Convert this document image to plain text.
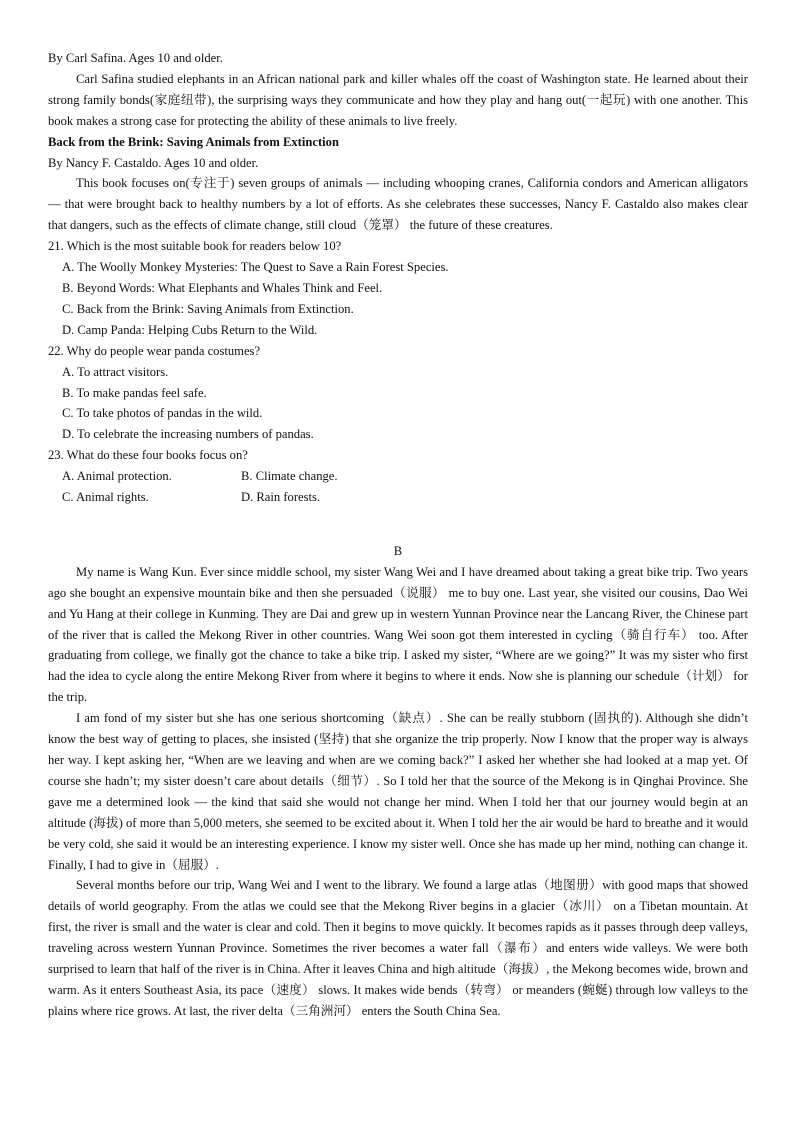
By Carl Safina. Ages 10 and older.

Carl Safina studied elephants in an African national park and killer whales off the coast of Washington state. He learned about their strong family bonds(家庭纽带), the surprising ways they communicate and how they play and hang out(一起玩) with one another. This book makes a strong case for protecting the ability of these animals to live freely.

Back from the Brink: Saving Animals from Extinction

By Nancy F. Castaldo. Ages 10 and older.

This book focuses on(专注于) seven groups of animals — including whooping cranes, California condors and American alligators — that were brought back to healthy numbers by a lot of efforts. As she celebrates these successes, Nancy F. Castaldo also makes clear that dangers, such as the effects of climate change, still cloud（笼罩） the future of these creatures.

21. Which is the most suitable book for readers below 10?

A. The Woolly Monkey Mysteries: The Quest to Save a Rain Forest Species.

B. Beyond Words: What Elephants and Whales Think and Feel.

C. Back from the Brink: Saving Animals from Extinction.

D. Camp Panda: Helping Cubs Return to the Wild.

22. Why do people wear panda costumes?

A. To attract visitors.

B. To make pandas feel safe.

C. To take photos of pandas in the wild.

D. To celebrate the increasing numbers of pandas.

23. What do these four books focus on?

A. Animal protection.	B. Climate change.
C. Animal rights.	D. Rain forests.

B

My name is Wang Kun. Ever since middle school, my sister Wang Wei and I have dreamed about taking a great bike trip. Two years ago she bought an expensive mountain bike and then she persuaded（说服） me to buy one. Last year, she visited our cousins, Dao Wei and Yu Hang at their college in Kunming. They are Dai and grew up in western Yunnan Province near the Lancang River, the Chinese part of the river that is called the Mekong River in other countries. Wang Wei soon got them interested in cycling（骑自行车） too. After graduating from college, we finally got the chance to take a bike trip. I asked my sister, “Where are we going?” It was my sister who first had the idea to cycle along the entire Mekong River from where it begins to where it ends. Now she is planning our schedule（计划） for the trip.

I am fond of my sister but she has one serious shortcoming（缺点）. She can be really stubborn (固执的). Although she didn’t know the best way of getting to places, she insisted (坚持) that she organize the trip properly. Now I know that the proper way is always her way. I kept asking her, “When are we leaving and when are we coming back?” I asked her whether she had looked at a map yet. Of course she hadn’t; my sister doesn’t care about details（细节）. So I told her that the source of the Mekong is in Qinghai Province. She gave me a determined look — the kind that said she would not change her mind. When I told her that our journey would begin at an altitude (海拔) of more than 5,000 meters, she seemed to be excited about it. When I told her the air would be hard to breathe and it would be very cold, she said it would be an interesting experience. I know my sister well. Once she has made up her mind, nothing can change it. Finally, I had to give in（屈服）.

Several months before our trip, Wang Wei and I went to the library. We found a large atlas（地图册）with good maps that showed details of world geography. From the atlas we could see that the Mekong River begins in a glacier（冰川） on a Tibetan mountain. At first, the river is small and the water is clear and cold. Then it begins to move quickly. It becomes rapids as it passes through deep valleys, traveling across western Yunnan Province. Sometimes the river becomes a water fall（瀑布）and enters wide valleys. We were both surprised to learn that half of the river is in China. After it leaves China and high altitude（海拔）, the Mekong becomes wide, brown and warm. As it enters Southeast Asia, its pace（速度） slows. It makes wide bends（转弯） or meanders (蜿蜒) through low valleys to the plains where rice grows. At last, the river delta（三角洲河） enters the South China Sea.
